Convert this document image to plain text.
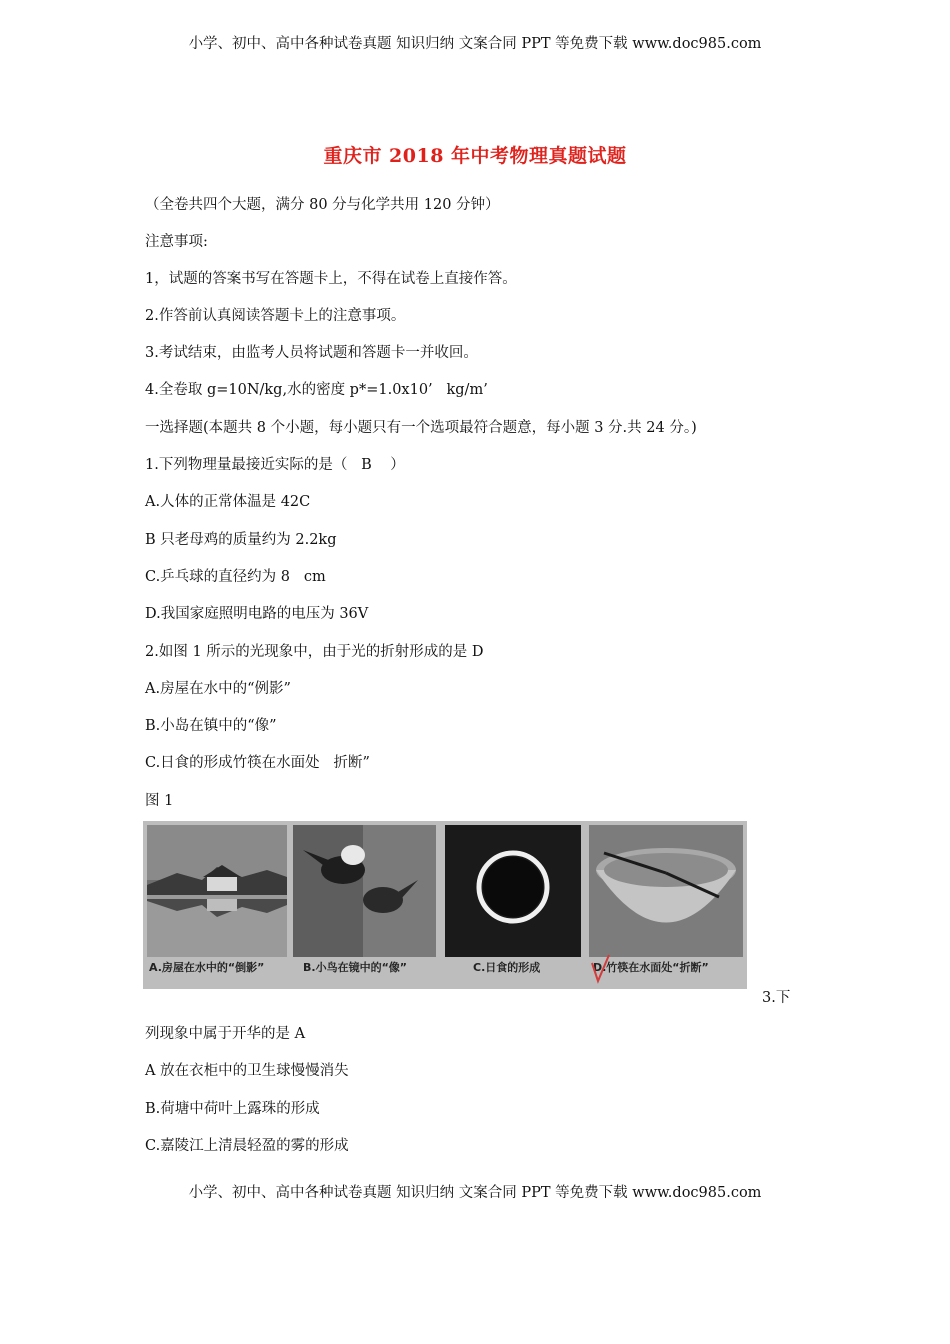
小学、初中、高中各种试卷真题 知识归纳 文案合同 PPT 等免费下载 www.doc985.com
重庆市 2018 年中考物理真题试题
（全卷共四个大题，满分 80 分与化学共用 120 分钟）
注意事项:
1，试题的答案书写在答题卡上，不得在试卷上直接作答。
2.作答前认真阅读答题卡上的注意事项。
3.考试结束，由监考人员将试题和答题卡一并收回。
4.全卷取 g=10N/kg,水的密度 p*=1.0x10’   kg/m’
一选择题(本题共 8 个小题，每小题只有一个选项最符合题意，每小题 3 分.共 24 分。)
1.下列物理量最接近实际的是（   B    ）
A.人体的正常体温是 42C
B 只老母鸡的质量约为 2.2kg
C.乒乓球的直径约为 8   cm
D.我国家庭照明电路的电压为 36V
2.如图 1 所示的光现象中，由于光的折射形成的是 D
A.房屋在水中的“例影”
B.小岛在镇中的“像”
C.日食的形成竹筷在水面处   折断”
图 1
A.房屋在水中的“倒影”	B.小鸟在镜中的“像”	C.日食的形成	D.竹筷在水面处“折断”
3.下
列现象中属于开华的是 A
A 放在衣柜中的卫生球慢慢消失
B.荷塘中荷叶上露珠的形成
C.嘉陵江上清晨轻盈的雾的形成
小学、初中、高中各种试卷真题 知识归纳 文案合同 PPT 等免费下载 www.doc985.com
